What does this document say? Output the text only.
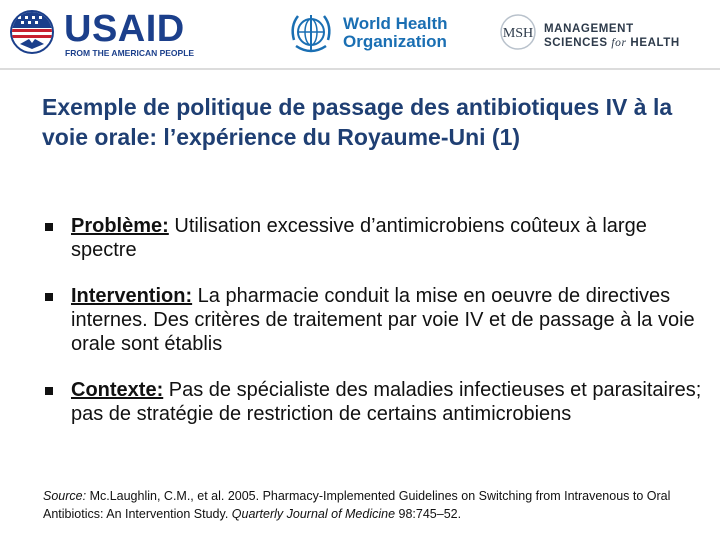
USAID
FROM THE AMERICAN PEOPLE
World Health
Organization	MSH MANAGEMENT
SCIENCES for HEALTH
Exemple de politique de passage des antibiotiques IV à la voie orale: l’expérience du Royaume-Uni (1)
Problème: Utilisation excessive d’antimicrobiens coûteux à large spectre
Intervention: La pharmacie conduit la mise en oeuvre de directives internes. Des critères de traitement par voie IV et de passage à la voie orale sont établis
Contexte: Pas de spécialiste des maladies infectieuses et parasitaires; pas de stratégie de restriction de certains antimicrobiens

Source: Mc.Laughlin, C.M., et al. 2005. Pharmacy-Implemented Guidelines on Switching from Intravenous to Oral Antibiotics: An Intervention Study. Quarterly Journal of Medicine 98:745–52.
